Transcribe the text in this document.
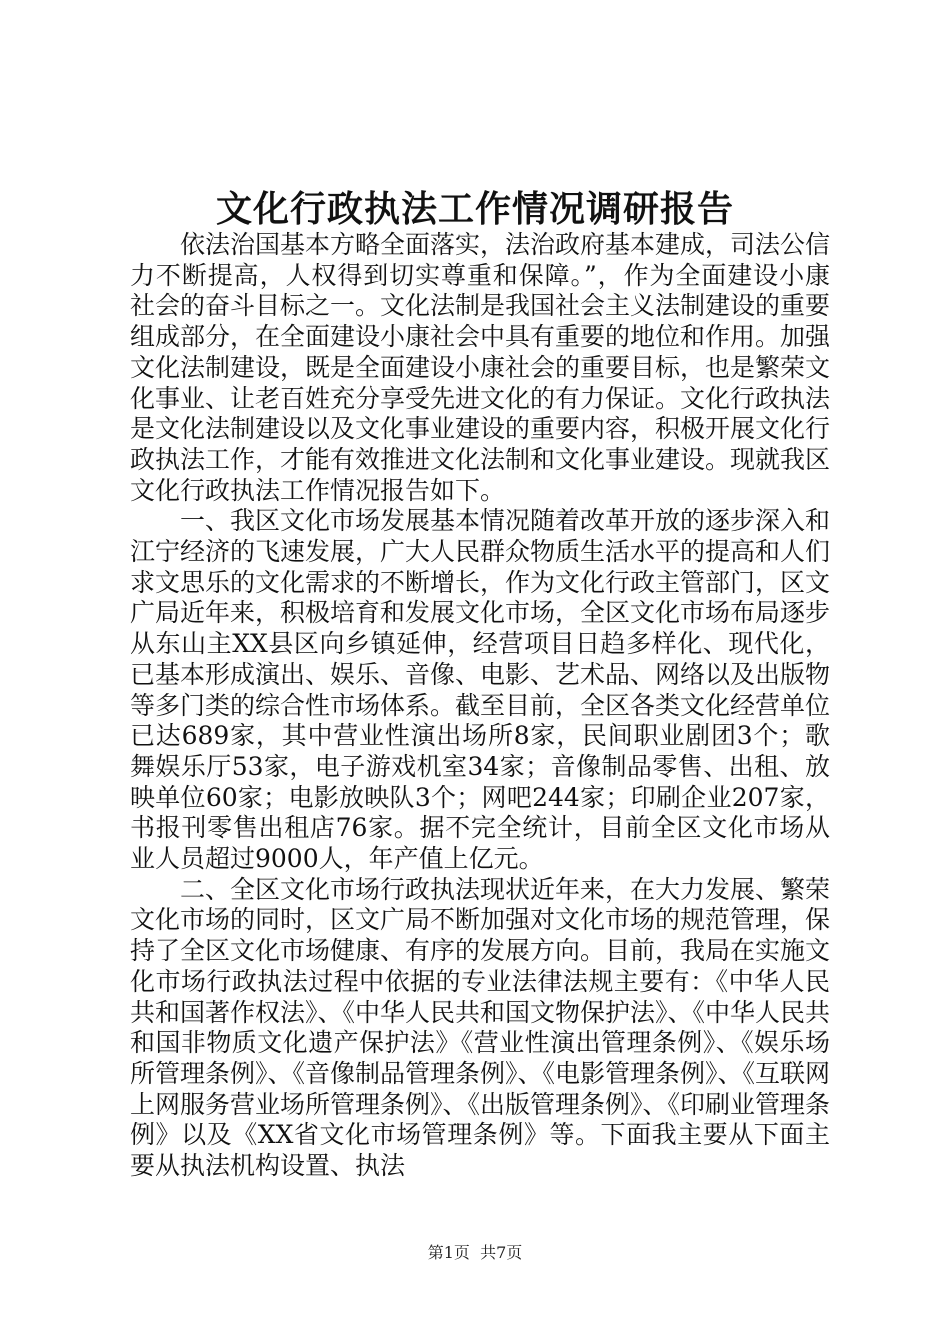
文化行政执法工作情况调研报告

依法治国基本方略全面落实，法治政府基本建成，司法公信力不断提高，人权得到切实尊重和保障。”，作为全面建设小康社会的奋斗目标之一。文化法制是我国社会主义法制建设的重要组成部分，在全面建设小康社会中具有重要的地位和作用。加强文化法制建设，既是全面建设小康社会的重要目标，也是繁荣文化事业、让老百姓充分享受先进文化的有力保证。文化行政执法是文化法制建设以及文化事业建设的重要内容，积极开展文化行政执法工作，才能有效推进文化法制和文化事业建设。现就我区文化行政执法工作情况报告如下。

一、我区文化市场发展基本情况随着改革开放的逐步深入和江宁经济的飞速发展，广大人民群众物质生活水平的提高和人们求文思乐的文化需求的不断增长，作为文化行政主管部门，区文广局近年来，积极培育和发展文化市场，全区文化市场布局逐步从东山主XX县区向乡镇延伸，经营项目日趋多样化、现代化，已基本形成演出、娱乐、音像、电影、艺术品、网络以及出版物等多门类的综合性市场体系。截至目前，全区各类文化经营单位已达689家，其中营业性演出场所8家，民间职业剧团3个；歌舞娱乐厅53家，电子游戏机室34家；音像制品零售、出租、放映单位60家；电影放映队3个；网吧244家；印刷企业207家，书报刊零售出租店76家。据不完全统计，目前全区文化市场从业人员超过9000人，年产值上亿元。

二、全区文化市场行政执法现状近年来，在大力发展、繁荣文化市场的同时，区文广局不断加强对文化市场的规范管理，保持了全区文化市场健康、有序的发展方向。目前，我局在实施文化市场行政执法过程中依据的专业法律法规主要有：《中华人民共和国著作权法》、《中华人民共和国文物保护法》、《中华人民共和国非物质文化遗产保护法》《营业性演出管理条例》、《娱乐场所管理条例》、《音像制品管理条例》、《电影管理条例》、《互联网上网服务营业场所管理条例》、《出版管理条例》、《印刷业管理条例》以及《XX省文化市场管理条例》等。下面我主要从下面主要从执法机构设置、执法

第1页 共7页
